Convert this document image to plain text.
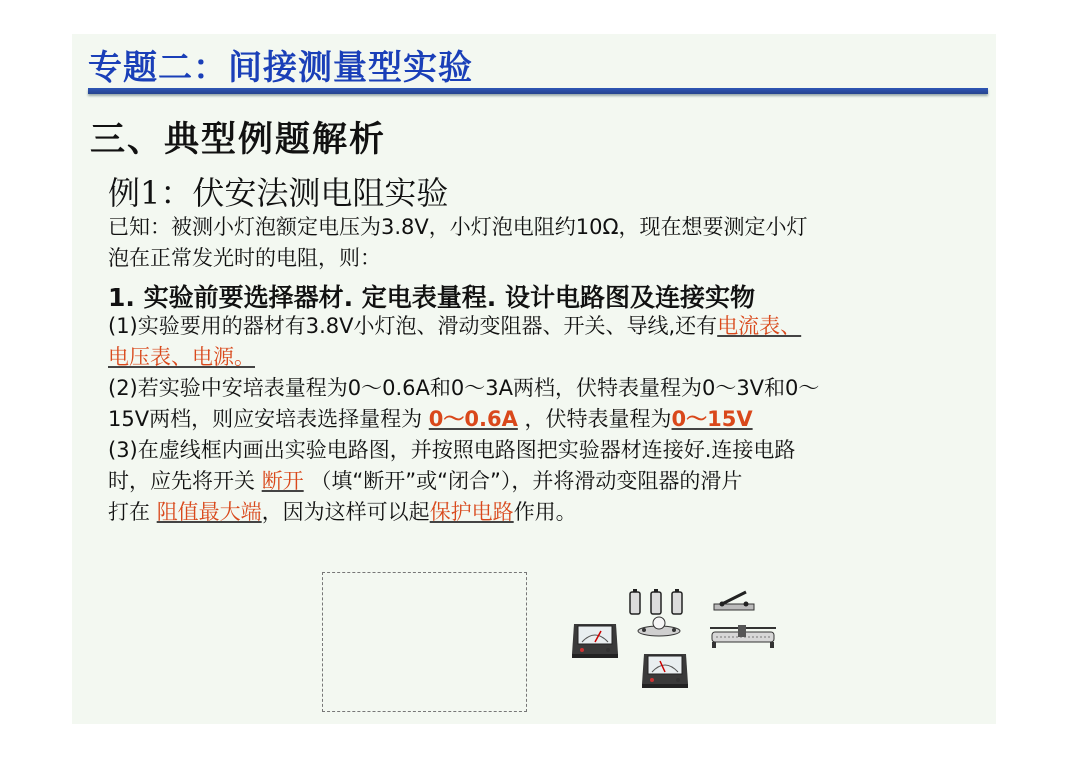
专题二：间接测量型实验
三、典型例题解析
例1：伏安法测电阻实验
已知：被测小灯泡额定电压为3.8V，小灯泡电阻约10Ω，现在想要测定小灯
泡在正常发光时的电阻，则：
1. 实验前要选择器材. 定电表量程. 设计电路图及连接实物
(1)实验要用的器材有3.8V小灯泡、滑动变阻器、开关、导线,还有电流表、
电压表、电源。
(2)若实验中安培表量程为0～0.6A和0～3A两档，伏特表量程为0～3V和0～
15V两档，则应安培表选择量程为 0～0.6A ，伏特表量程为0～15V
(3)在虚线框内画出实验电路图，并按照电路图把实验器材连接好.连接电路
时，应先将开关 断开 （填“断开”或“闭合”），并将滑动变阻器的滑片
打在 阻值最大端，因为这样可以起保护电路作用。
